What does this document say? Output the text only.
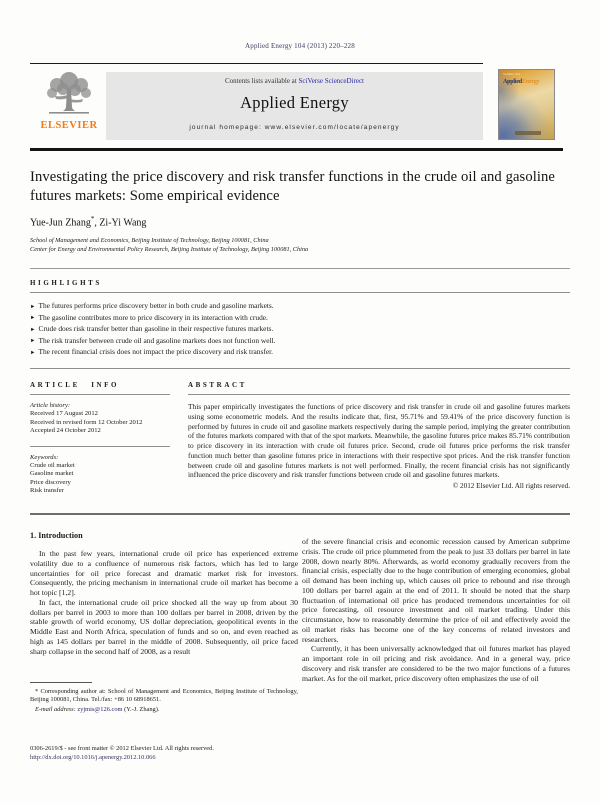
Applied Energy 104 (2013) 220–228
ELSEVIER
Contents lists available at SciVerse ScienceDirect
Applied Energy
journal homepage: www.elsevier.com/locate/apenergy
Volume 104
AppliedEnergy
Investigating the price discovery and risk transfer functions in the crude oil and gasoline futures markets: Some empirical evidence
Yue-Jun Zhang*, Zi-Yi Wang
School of Management and Economics, Beijing Institute of Technology, Beijing 100081, China
Center for Energy and Environmental Policy Research, Beijing Institute of Technology, Beijing 100081, China
HIGHLIGHTS
► The futures performs price discovery better in both crude and gasoline markets.
► The gasoline contributes more to price discovery in its interaction with crude.
► Crude does risk transfer better than gasoline in their respective futures markets.
► The risk transfer between crude oil and gasoline markets does not function well.
► The recent financial crisis does not impact the price discovery and risk transfer.
ARTICLE INFO
Article history:
Received 17 August 2012
Received in revised form 12 October 2012
Accepted 24 October 2012
Keywords:
Crude oil market
Gasoline market
Price discovery
Risk transfer
ABSTRACT
This paper empirically investigates the functions of price discovery and risk transfer in crude oil and gasoline futures markets using some econometric models. And the results indicate that, first, 95.71% and 59.41% of the price discovery function is performed by futures in crude oil and gasoline markets respectively during the sample period, implying the greater contribution of the futures markets compared with that of the spot markets. Meanwhile, the gasoline futures price makes 85.71% contribution to price discovery in its interaction with crude oil futures price. Second, crude oil futures price performs the risk transfer function much better than gasoline futures price in interactions with their respective spot prices. And the risk transfer function between crude oil and gasoline futures markets is not well performed. Finally, the recent financial crisis has not significantly influenced the price discovery and risk transfer functions between crude oil and gasoline futures markets.
© 2012 Elsevier Ltd. All rights reserved.
1. Introduction

In the past few years, international crude oil price has experienced extreme volatility due to a confluence of numerous risk factors, which has led to large uncertainties for oil price forecast and dramatic market risk for investors. Consequently, the pricing mechanism in international crude oil market has become a hot topic [1,2].

In fact, the international crude oil price shocked all the way up from about 30 dollars per barrel in 2003 to more than 100 dollars per barrel in 2008, driven by the stable growth of world economy, US dollar depreciation, geopolitical events in the Middle East and North Africa, speculation of funds and so on, and even reached as high as 145 dollars per barrel in the middle of 2008. Subsequently, oil price faced sharp collapse in the second half of 2008, as a result

of the severe financial crisis and economic recession caused by American subprime crisis. The crude oil price plummeted from the peak to just 33 dollars per barrel in late 2008, down nearly 80%. Afterwards, as world economy gradually recovers from the financial crisis, especially due to the huge contribution of emerging economies, global oil demand has been inching up, which causes oil price to rebound and rise through 100 dollars per barrel again at the end of 2011. It should be noted that the sharp fluctuation of international oil price has produced tremendous uncertainties for oil price forecasting, oil resource investment and oil market trading. Under this circumstance, how to reasonably determine the price of oil and effectively avoid the oil market risks has become one of the key concerns of related investors and researchers.

Currently, it has been universally acknowledged that oil futures market has played an important role in oil pricing and risk avoidance. And in a general way, price discovery and risk transfer are considered to be the two major functions of a futures market. As for the oil market, price discovery often emphasizes the use of oil

* Corresponding author at: School of Management and Economics, Beijing Institute of Technology, Beijing 100081, China. Tel./fax: +86 10 68918651.
E-mail address: zyjmis@126.com (Y.-J. Zhang).
0306-2619/$ - see front matter © 2012 Elsevier Ltd. All rights reserved.
http://dx.doi.org/10.1016/j.apenergy.2012.10.066
